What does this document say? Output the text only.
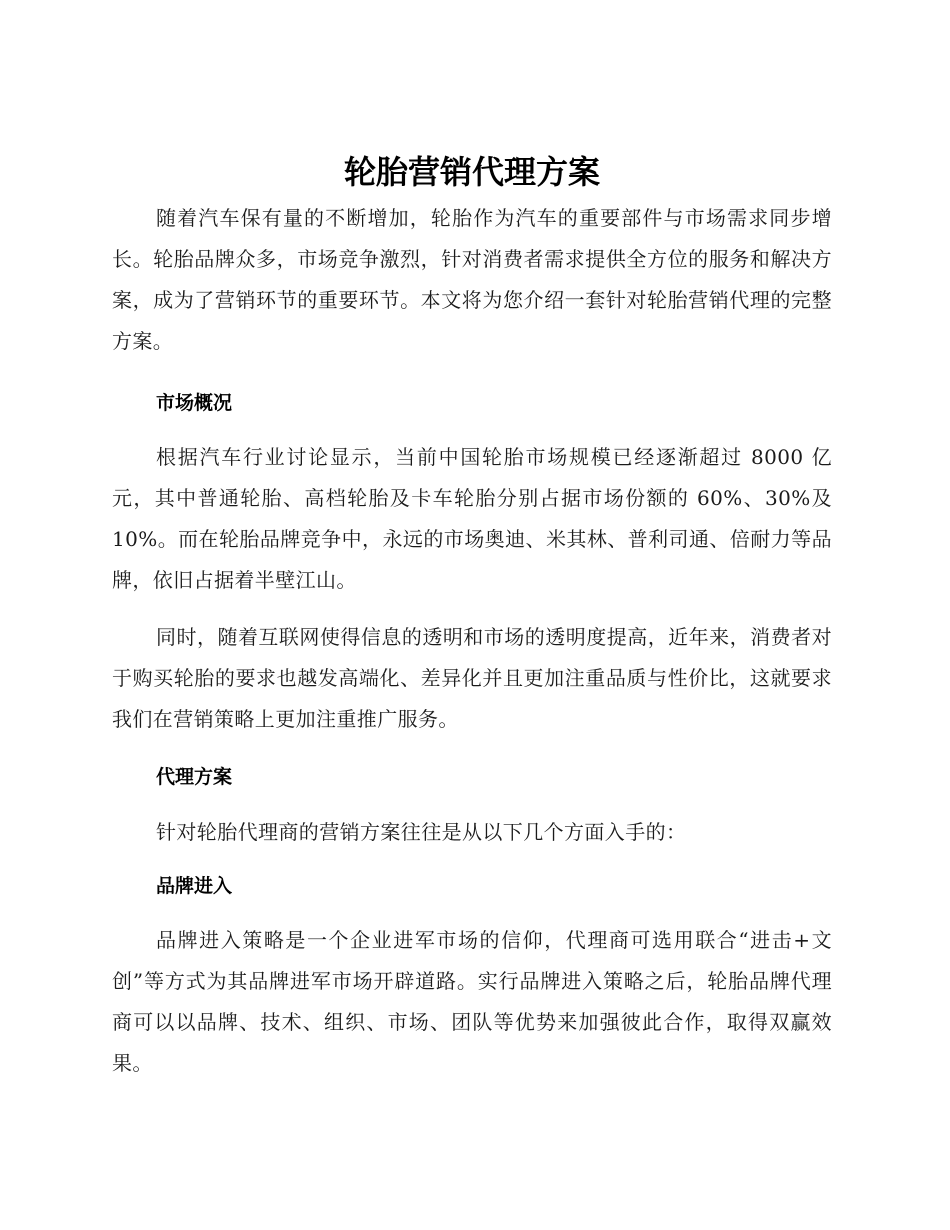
轮胎营销代理方案

随着汽车保有量的不断增加，轮胎作为汽车的重要部件与市场需求同步增长。轮胎品牌众多，市场竞争激烈，针对消费者需求提供全方位的服务和解决方案，成为了营销环节的重要环节。本文将为您介绍一套针对轮胎营销代理的完整方案。

市场概况

根据汽车行业讨论显示，当前中国轮胎市场规模已经逐渐超过 8000 亿元，其中普通轮胎、高档轮胎及卡车轮胎分别占据市场份额的 60%、30%及 10%。而在轮胎品牌竞争中，永远的市场奥迪、米其林、普利司通、倍耐力等品牌，依旧占据着半壁江山。

同时，随着互联网使得信息的透明和市场的透明度提高，近年来，消费者对于购买轮胎的要求也越发高端化、差异化并且更加注重品质与性价比，这就要求我们在营销策略上更加注重推广服务。

代理方案

针对轮胎代理商的营销方案往往是从以下几个方面入手的：

品牌进入

品牌进入策略是一个企业进军市场的信仰，代理商可选用联合“进击+文创”等方式为其品牌进军市场开辟道路。实行品牌进入策略之后，轮胎品牌代理商可以以品牌、技术、组织、市场、团队等优势来加强彼此合作，取得双赢效果。
